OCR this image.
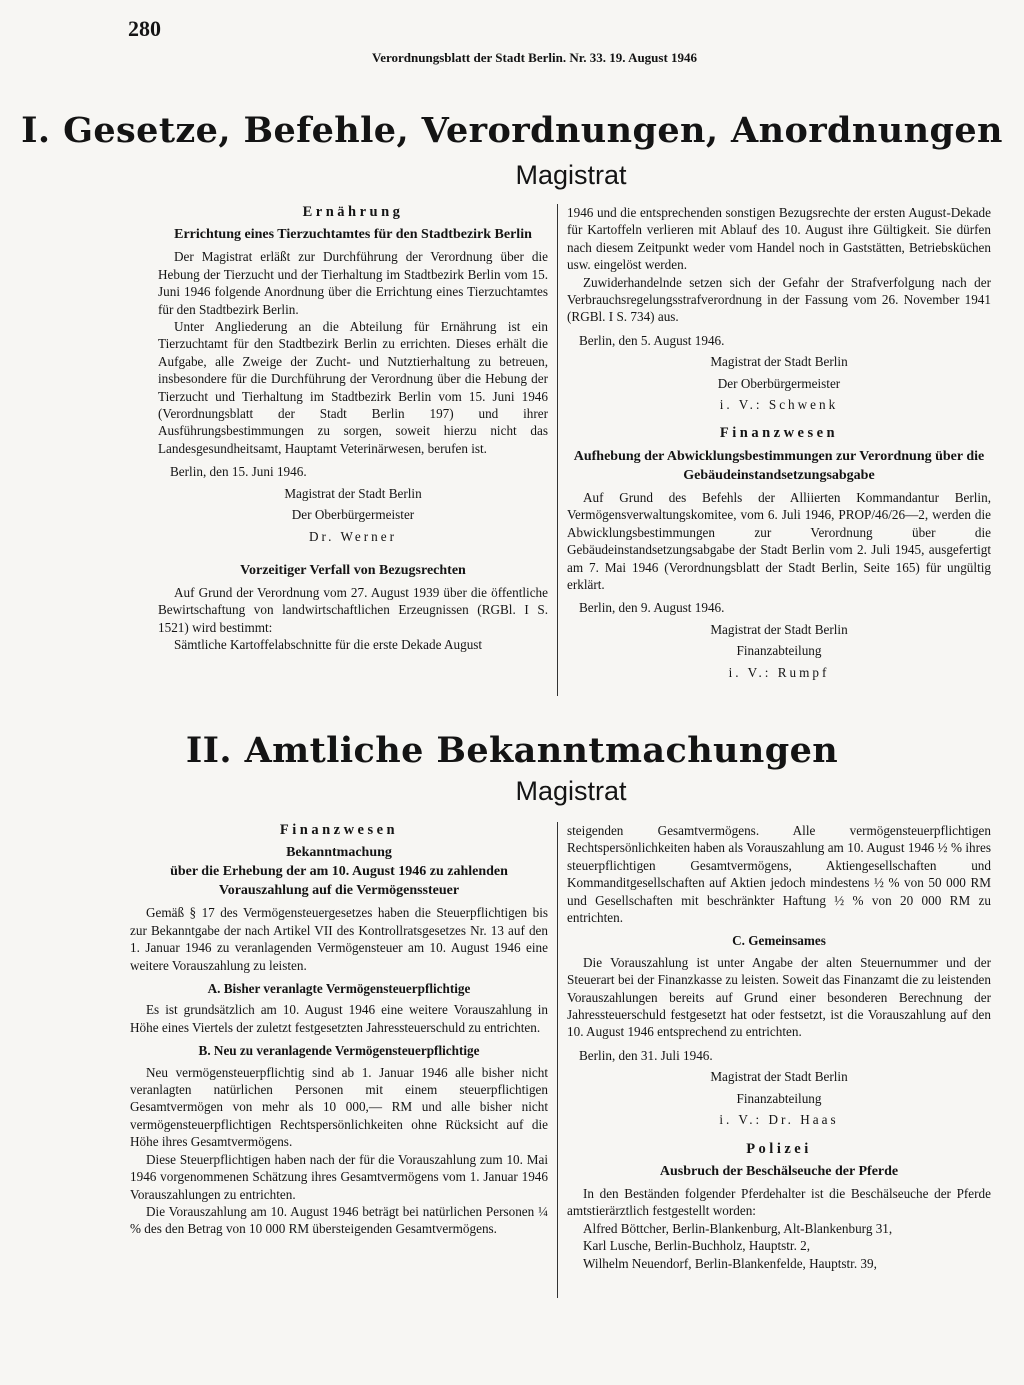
280
Verordnungsblatt der Stadt Berlin. Nr. 33. 19. August 1946
I. Gesetze, Befehle, Verordnungen, Anordnungen
Magistrat
Ernährung
Errichtung eines Tierzuchtamtes für den Stadtbezirk Berlin

Der Magistrat erläßt zur Durchführung der Verordnung über die Hebung der Tierzucht und der Tierhaltung im Stadtbezirk Berlin vom 15. Juni 1946 folgende Anordnung über die Errichtung eines Tierzuchtamtes für den Stadtbezirk Berlin.

Unter Angliederung an die Abteilung für Ernährung ist ein Tierzuchtamt für den Stadtbezirk Berlin zu errichten. Dieses erhält die Aufgabe, alle Zweige der Zucht- und Nutztierhaltung zu betreuen, insbesondere für die Durchführung der Verordnung über die Hebung der Tierzucht und Tierhaltung im Stadtbezirk Berlin vom 15. Juni 1946 (Verordnungsblatt der Stadt Berlin 197) und ihrer Ausführungsbestimmungen zu sorgen, soweit hierzu nicht das Landesgesundheitsamt, Hauptamt Veterinärwesen, berufen ist.

Berlin, den 15. Juni 1946.

Magistrat der Stadt Berlin
Der Oberbürgermeister
Dr. Werner
Vorzeitiger Verfall von Bezugsrechten

Auf Grund der Verordnung vom 27. August 1939 über die öffentliche Bewirtschaftung von landwirtschaftlichen Erzeugnissen (RGBl. I S. 1521) wird bestimmt:

Sämtliche Kartoffelabschnitte für die erste Dekade August

1946 und die entsprechenden sonstigen Bezugsrechte der ersten August-Dekade für Kartoffeln verlieren mit Ablauf des 10. August ihre Gültigkeit. Sie dürfen nach diesem Zeitpunkt weder vom Handel noch in Gaststätten, Betriebsküchen usw. eingelöst werden.

Zuwiderhandelnde setzen sich der Gefahr der Strafverfolgung nach der Verbrauchsregelungsstrafverordnung in der Fassung vom 26. November 1941 (RGBl. I S. 734) aus.

Berlin, den 5. August 1946.

Magistrat der Stadt Berlin
Der Oberbürgermeister
i. V.: Schwenk
Finanzwesen
Aufhebung der Abwicklungsbestimmungen zur Verordnung über die Gebäudeinstandsetzungsabgabe

Auf Grund des Befehls der Alliierten Kommandantur Berlin, Vermögensverwaltungskomitee, vom 6. Juli 1946, PROP/46/26—2, werden die Abwicklungsbestimmungen zur Verordnung über die Gebäudeinstandsetzungsabgabe der Stadt Berlin vom 2. Juli 1945, ausgefertigt am 7. Mai 1946 (Verordnungsblatt der Stadt Berlin, Seite 165) für ungültig erklärt.

Berlin, den 9. August 1946.

Magistrat der Stadt Berlin
Finanzabteilung
i. V.: Rumpf
II. Amtliche Bekanntmachungen
Magistrat
Finanzwesen
Bekanntmachung
über die Erhebung der am 10. August 1946 zu zahlenden Vorauszahlung auf die Vermögenssteuer

Gemäß § 17 des Vermögensteuergesetzes haben die Steuerpflichtigen bis zur Bekanntgabe der nach Artikel VII des Kontrollratsgesetzes Nr. 13 auf den 1. Januar 1946 zu veranlagenden Vermögensteuer am 10. August 1946 eine weitere Vorauszahlung zu leisten.

A. Bisher veranlagte Vermögensteuerpflichtige

Es ist grundsätzlich am 10. August 1946 eine weitere Vorauszahlung in Höhe eines Viertels der zuletzt festgesetzten Jahressteuerschuld zu entrichten.

B. Neu zu veranlagende Vermögensteuerpflichtige

Neu vermögensteuerpflichtig sind ab 1. Januar 1946 alle bisher nicht veranlagten natürlichen Personen mit einem steuerpflichtigen Gesamtvermögen von mehr als 10 000,— RM und alle bisher nicht vermögensteuerpflichtigen Rechtspersönlichkeiten ohne Rücksicht auf die Höhe ihres Gesamtvermögens.

Diese Steuerpflichtigen haben nach der für die Vorauszahlung zum 10. Mai 1946 vorgenommenen Schätzung ihres Gesamtvermögens vom 1. Januar 1946 Vorauszahlungen zu entrichten.

Die Vorauszahlung am 10. August 1946 beträgt bei natürlichen Personen ¼ % des den Betrag von 10 000 RM übersteigenden Gesamtvermögens.

steigenden Gesamtvermögens. Alle vermögensteuerpflichtigen Rechtspersönlichkeiten haben als Vorauszahlung am 10. August 1946 ½ % ihres steuerpflichtigen Gesamtvermögens, Aktiengesellschaften und Kommanditgesellschaften auf Aktien jedoch mindestens ½ % von 50 000 RM und Gesellschaften mit beschränkter Haftung ½ % von 20 000 RM zu entrichten.

C. Gemeinsames

Die Vorauszahlung ist unter Angabe der alten Steuernummer und der Steuerart bei der Finanzkasse zu leisten. Soweit das Finanzamt die zu leistenden Vorauszahlungen bereits auf Grund einer besonderen Berechnung der Jahressteuerschuld festgesetzt hat oder festsetzt, ist die Vorauszahlung auf den 10. August 1946 entsprechend zu entrichten.

Berlin, den 31. Juli 1946.

Magistrat der Stadt Berlin
Finanzabteilung
i. V.: Dr. Haas
Polizei
Ausbruch der Beschälseuche der Pferde

In den Beständen folgender Pferdehalter ist die Beschälseuche der Pferde amtstierärztlich festgestellt worden:

Alfred Böttcher, Berlin-Blankenburg, Alt-Blankenburg 31,

Karl Lusche, Berlin-Buchholz, Hauptstr. 2,

Wilhelm Neuendorf, Berlin-Blankenfelde, Hauptstr. 39,
